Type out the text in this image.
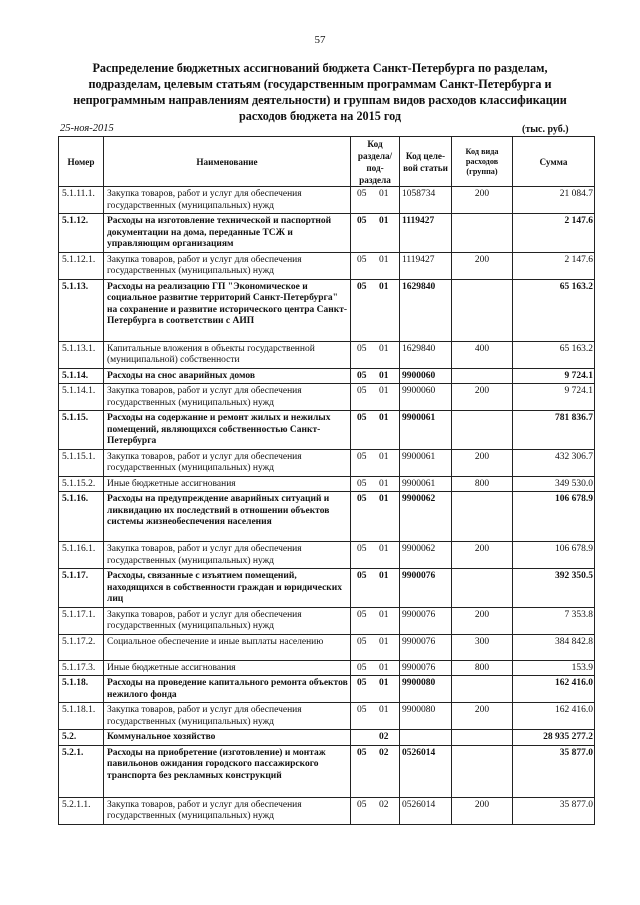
57
Распределение бюджетных ассигнований бюджета Санкт-Петербурга по разделам,
подразделам, целевым статьям (государственным программам Санкт-Петербурга и
непрограммным направлениям деятельности) и группам видов расходов классификации
расходов бюджета на 2015 год
25-ноя-2015	(тыс. руб.)
Номер	Наименование	Код раздела/ под-раздела	Код целе-вой статьи	Код вида расходов (группа)	Сумма
5.1.11.1.	Закупка товаров, работ и услуг для обеспечения государственных (муниципальных) нужд	05 01	1058734	200	21 084.7
5.1.12.	Расходы на изготовление технической и паспортной документации на дома, переданные ТСЖ и управляющим организациям	05 01	1119427		2 147.6
5.1.12.1.	Закупка товаров, работ и услуг для обеспечения государственных (муниципальных) нужд	05 01	1119427	200	2 147.6
5.1.13.	Расходы на реализацию ГП "Экономическое и социальное развитие территорий Санкт-Петербурга" на сохранение и развитие исторического центра Санкт-Петербурга в соответствии с АИП	05 01	1629840		65 163.2
5.1.13.1.	Капитальные вложения в объекты государственной (муниципальной) собственности	05 01	1629840	400	65 163.2
5.1.14.	Расходы на снос аварийных домов	05 01	9900060		9 724.1
5.1.14.1.	Закупка товаров, работ и услуг для обеспечения государственных (муниципальных) нужд	05 01	9900060	200	9 724.1
5.1.15.	Расходы на содержание и ремонт жилых и нежилых помещений, являющихся собственностью Санкт-Петербурга	05 01	9900061		781 836.7
5.1.15.1.	Закупка товаров, работ и услуг для обеспечения государственных (муниципальных) нужд	05 01	9900061	200	432 306.7
5.1.15.2.	Иные бюджетные ассигнования	05 01	9900061	800	349 530.0
5.1.16.	Расходы на предупреждение аварийных ситуаций и ликвидацию их последствий в отношении объектов системы жизнеобеспечения населения	05 01	9900062		106 678.9
5.1.16.1.	Закупка товаров, работ и услуг для обеспечения государственных (муниципальных) нужд	05 01	9900062	200	106 678.9
5.1.17.	Расходы, связанные с изъятием помещений, находящихся в собственности граждан и юридических лиц	05 01	9900076		392 350.5
5.1.17.1.	Закупка товаров, работ и услуг для обеспечения государственных (муниципальных) нужд	05 01	9900076	200	7 353.8
5.1.17.2.	Социальное обеспечение и иные выплаты населению	05 01	9900076	300	384 842.8
5.1.17.3.	Иные бюджетные ассигнования	05 01	9900076	800	153.9
5.1.18.	Расходы на проведение капитального ремонта объектов нежилого фонда	05 01	9900080		162 416.0
5.1.18.1.	Закупка товаров, работ и услуг для обеспечения государственных (муниципальных) нужд	05 01	9900080	200	162 416.0
5.2.	Коммунальное хозяйство	02			28 935 277.2
5.2.1.	Расходы на приобретение (изготовление) и монтаж павильонов ожидания городского пассажирского транспорта без рекламных конструкций	05 02	0526014		35 877.0
5.2.1.1.	Закупка товаров, работ и услуг для обеспечения государственных (муниципальных) нужд	05 02	0526014	200	35 877.0
